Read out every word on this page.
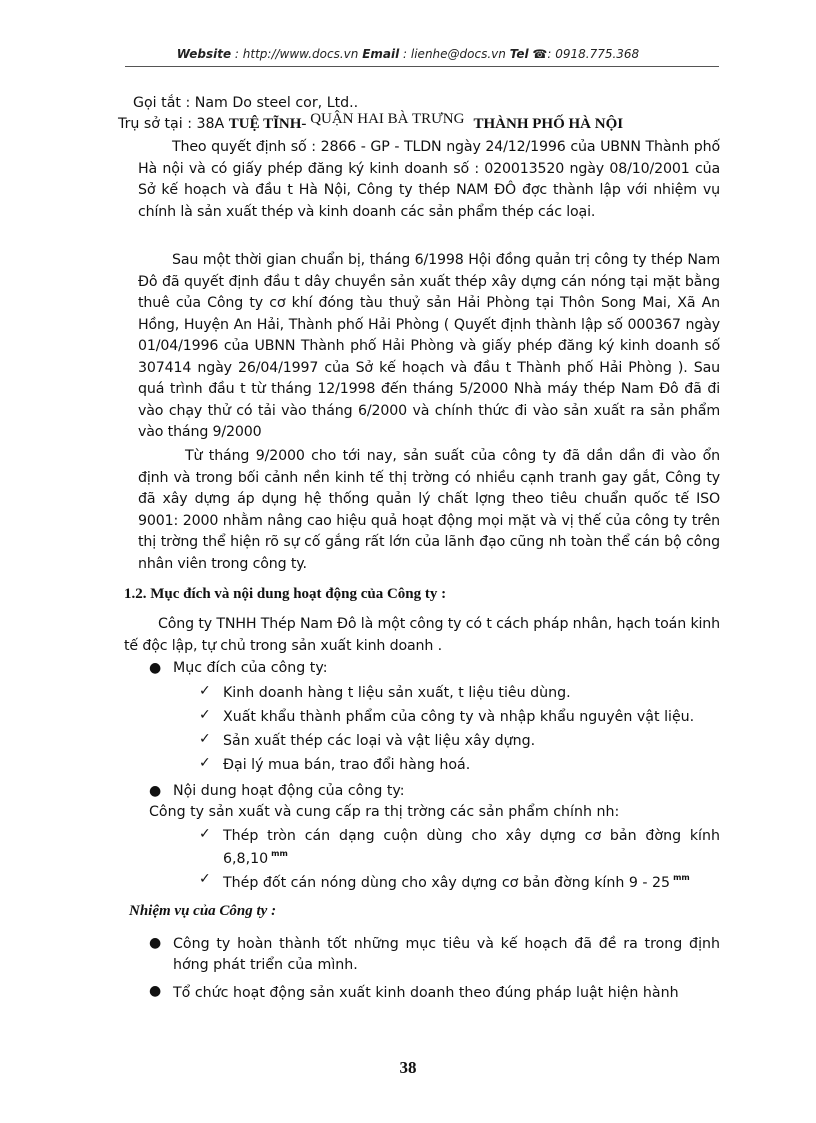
Website : http://www.docs.vn Email : lienhe@docs.vn Tel ☎: 0918.775.368
Gọi tắt : Nam Do steel cor, Ltd..
Trụ sở tại : 38A TUỆ TĨNH- QUẬN HAI BÀ TRƯNG THÀNH PHỐ HÀ NỘI

Theo quyết định số : 2866 - GP - TLDN ngày 24/12/1996 của UBNN Thành phố Hà nội và có giấy phép đăng ký kinh doanh số : 020013520 ngày 08/10/2001 của Sở kế hoạch và đầu t Hà Nội, Công ty thép NAM ĐÔ đợc thành lập với nhiệm vụ chính là sản xuất thép và kinh doanh các sản phẩm thép các loại.

Sau một thời gian chuẩn bị, tháng 6/1998 Hội đồng quản trị công ty thép Nam Đô đã quyết định đầu t dây chuyền sản xuất thép xây dựng cán nóng tại mặt bằng thuê của Công ty cơ khí đóng tàu thuỷ sản Hải Phòng tại Thôn Song Mai, Xã An Hồng, Huyện An Hải, Thành phố Hải Phòng ( Quyết định thành lập số 000367 ngày 01/04/1996 của UBNN Thành phố Hải Phòng và giấy phép đăng ký kinh doanh số 307414 ngày 26/04/1997 của Sở kế hoạch và đầu t Thành phố Hải Phòng ). Sau quá trình đầu t từ tháng 12/1998 đến tháng 5/2000 Nhà máy thép Nam Đô đã đi vào chạy thử có tải vào tháng 6/2000 và chính thức đi vào sản xuất ra sản phẩm vào tháng 9/2000

Từ tháng 9/2000 cho tới nay, sản suất của công ty đã dần dần đi vào ổn định và trong bối cảnh nền kinh tế thị trờng có nhiều cạnh tranh gay gắt, Công ty đã xây dựng áp dụng hệ thống quản lý chất lợng theo tiêu chuẩn quốc tế ISO 9001: 2000 nhằm nâng cao hiệu quả hoạt động mọi mặt và vị thế của công ty trên thị trờng thể hiện rõ sự cố gắng rất lớn của lãnh đạo cũng nh toàn thể cán bộ công nhân viên trong công ty.

1.2. Mục đích và nội dung hoạt động của Công ty :

Công ty TNHH Thép Nam Đô là một công ty có t cách pháp nhân, hạch toán kinh tế độc lập, tự chủ trong sản xuất kinh doanh .

● Mục đích của công ty:
✓ Kinh doanh hàng t liệu sản xuất, t liệu tiêu dùng.
✓ Xuất khẩu thành phẩm của công ty và nhập khẩu nguyên vật liệu.
✓ Sản xuất thép các loại và vật liệu xây dựng.
✓ Đại lý mua bán, trao đổi hàng hoá.
● Nội dung hoạt động của công ty:
Công ty sản xuất và cung cấp ra thị trờng các sản phẩm chính nh:
✓ Thép tròn cán dạng cuộn dùng cho xây dựng cơ bản đờng kính
6,8,10 $^{mm}$
✓ Thép đốt cán nóng dùng cho xây dựng cơ bản đờng kính 9 - 25 $^{mm}$
Nhiệm vụ của Công ty :
● Công ty hoàn thành tốt những mục tiêu và kế hoạch đã đề ra trong định
hớng phát triển của mình.
● Tổ chức hoạt động sản xuất kinh doanh theo đúng pháp luật hiện hành
38
